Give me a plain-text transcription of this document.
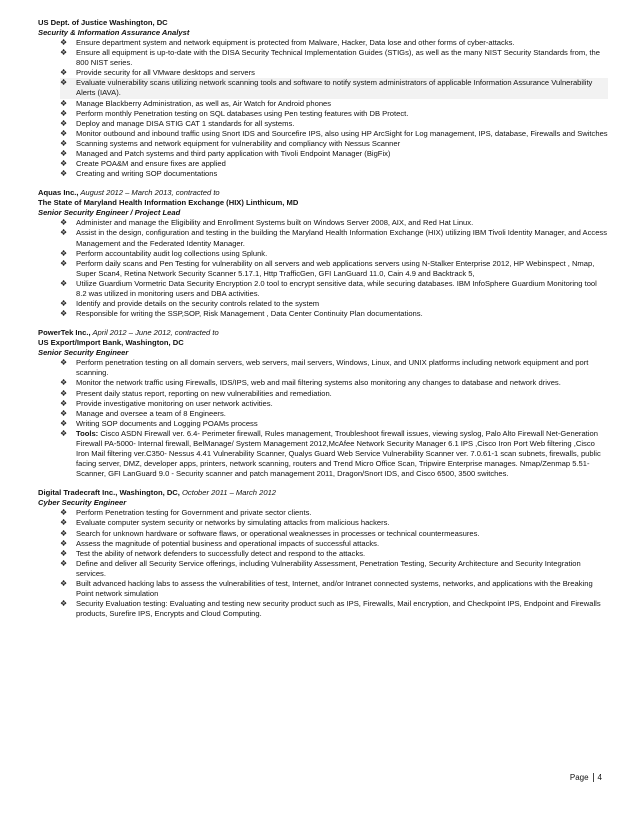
US Dept. of Justice Washington, DC
Security & Information Assurance Analyst
❖ Ensure department system and network equipment is protected from Malware, Hacker, Data lose and other forms of cyber-attacks.
❖ Ensure all equipment is up-to-date with the DISA Security Technical Implementation Guides (STIGs), as well as the many NIST Security Standards from, the 800 NIST series.
❖ Provide security for all VMware desktops and servers
❖ Evaluate vulnerability scans utilizing network scanning tools and software to notify system administrators of applicable Information Assurance Vulnerability Alerts (IAVA).
❖ Manage Blackberry Administration, as well as, Air Watch for Android phones
❖ Perform monthly Penetration testing on SQL databases using Pen testing features with DB Protect.
❖ Deploy and manage DISA STIG CAT 1 standards for all systems.
❖ Monitor outbound and inbound traffic using Snort IDS and Sourcefire IPS, also using HP ArcSight for Log management, IPS, database, Firewalls and Switches
❖ Scanning systems and network equipment for vulnerability and compliancy with Nessus Scanner
❖ Managed and Patch systems and third party application with Tivoli Endpoint Manager (BigFix)
❖ Create POA&M and ensure fixes are applied
❖ Creating and writing SOP documentations
Aquas Inc., August 2012 – March 2013, contracted to
The State of Maryland Health Information Exchange (HIX) Linthicum, MD
Senior Security Engineer / Project Lead
❖ Administer and manage the Eligibility and Enrollment Systems built on Windows Server 2008, AIX, and Red Hat Linux.
❖ Assist in the design, configuration and testing in the building the Maryland Health Information Exchange (HIX) utilizing IBM Tivoli Identity Manager, and Access Management and the Federated Identity Manager.
❖ Perform accountability audit log collections using Splunk.
❖ Perform daily scans and Pen Testing for vulnerability on all servers and web applications servers using N-Stalker Enterprise 2012, HP Webinspect , Nmap, Super Scan4, Retina Network Security Scanner 5.17.1, Http TrafficGen, GFI LanGuard 11.0, Cain 4.9 and Backtrack 5,
❖ Utilize Guardium Vormetric Data Security Encryption 2.0 tool to encrypt sensitive data, while securing databases. IBM InfoSphere Guardium Monitoring tool 8.2 was utilized in monitoring users and DBA activities.
❖ Identify and provide details on the security controls related to the system
❖ Responsible for writing the SSP,SOP, Risk Management , Data Center Continuity Plan documentations.
PowerTek Inc., April 2012 – June 2012, contracted to
US Export/Import Bank, Washington, DC
Senior Security Engineer
❖ Perform penetration testing on all domain servers, web servers, mail servers, Windows, Linux, and UNIX platforms including network equipment and port scanning.
❖ Monitor the network traffic using Firewalls, IDS/IPS, web and mail filtering systems also monitoring any changes to database and network drives.
❖ Present daily status report, reporting on new vulnerabilities and remediation.
❖ Provide investigative monitoring on user network activities.
❖ Manage and oversee a team of 8 Engineers.
❖ Writing SOP documents and Logging POAMs process
❖ Tools: Cisco ASDN Firewall ver. 6.4- Perimeter firewall, Rules management, Troubleshoot firewall issues, viewing syslog, Palo Alto Firewall Net-Generation Firewall PA-5000- Internal firewall, BelManage/ System Management 2012,McAfee Network Security Manager 6.1 IPS ,Cisco Iron Port Web filtering ,Cisco Iron Mail filtering ver.C350- Nessus 4.41 Vulnerability Scanner, Qualys Guard Web Service Vulnerability Scanner ver. 7.0.61-1 scan subnets, firewalls, public facing server, DMZ, developer apps, printers, network scanning, routers and Trend Micro Office Scan, Tripwire Enterprise manages. Nmap/Zenmap 5.51- Scanner, GFI LanGuard 9.0 - Security scanner and patch management 2011, Dragon/Snort IDS, and Cisco 6500, 3500 switches.
Digital Tradecraft Inc., Washington, DC, October 2011 – March 2012
Cyber Security Engineer
❖ Perform Penetration testing for Government and private sector clients.
❖ Evaluate computer system security or networks by simulating attacks from malicious hackers.
❖ Search for unknown hardware or software flaws, or operational weaknesses in processes or technical countermeasures.
❖ Assess the magnitude of potential business and operational impacts of successful attacks.
❖ Test the ability of network defenders to successfully detect and respond to the attacks.
❖ Define and deliver all Security Service offerings, including Vulnerability Assessment, Penetration Testing, Security Architecture and Security Integration services.
❖ Built advanced hacking labs to assess the vulnerabilities of test, Internet, and/or Intranet connected systems, networks, and applications with the Breaking Point network simulation
❖ Security Evaluation testing: Evaluating and testing new security product such as IPS, Firewalls, Mail encryption, and Checkpoint IPS, Endpoint and Firewalls products, Surefire IPS, Encrypts and Cloud Computing.
Page 4
